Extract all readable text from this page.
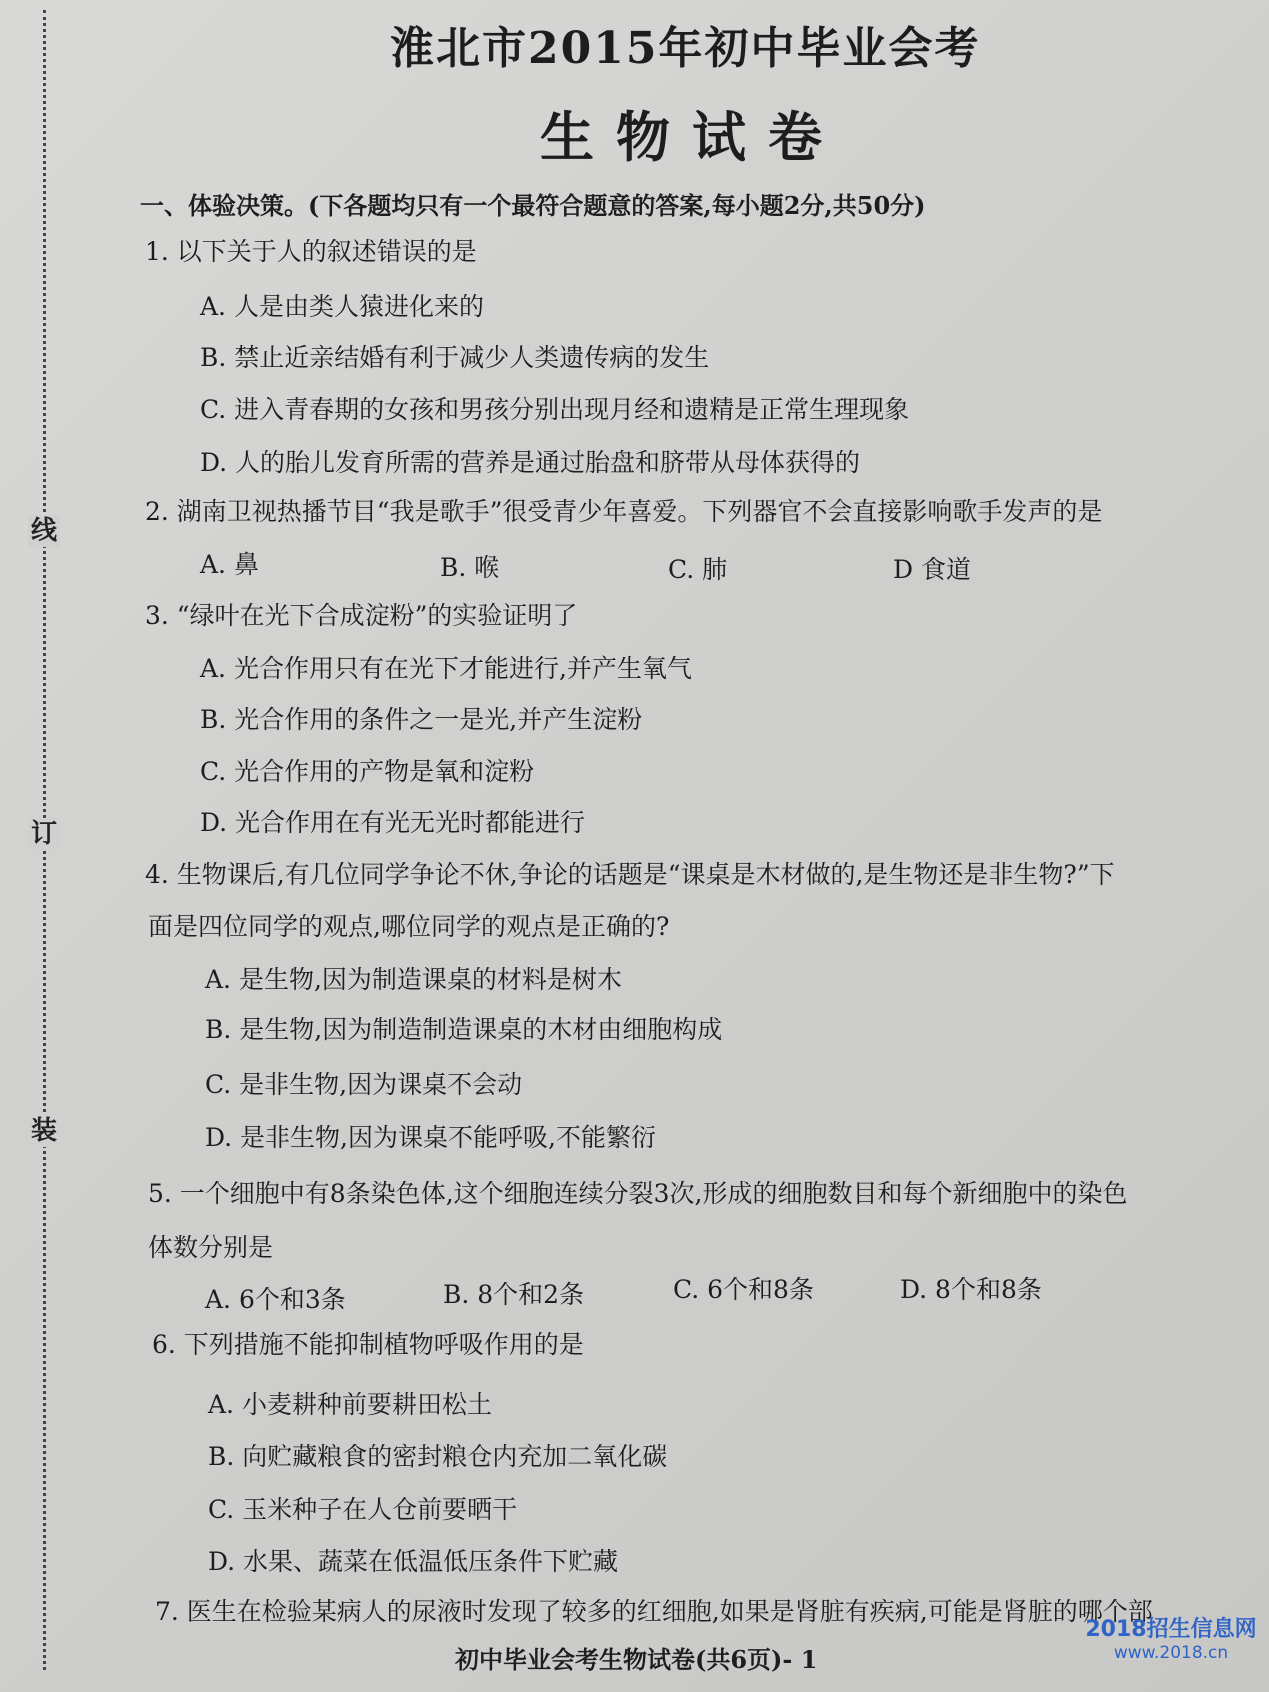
线
订
装
淮北市2015年初中毕业会考
生物试卷
一、体验决策。(下各题均只有一个最符合题意的答案,每小题2分,共50分)
1. 以下关于人的叙述错误的是
A. 人是由类人猿进化来的
B. 禁止近亲结婚有利于减少人类遗传病的发生
C. 进入青春期的女孩和男孩分别出现月经和遗精是正常生理现象
D. 人的胎儿发育所需的营养是通过胎盘和脐带从母体获得的
2. 湖南卫视热播节目“我是歌手”很受青少年喜爱。下列器官不会直接影响歌手发声的是
A. 鼻	B. 喉	C. 肺	D 食道
3. “绿叶在光下合成淀粉”的实验证明了
A. 光合作用只有在光下才能进行,并产生氧气
B. 光合作用的条件之一是光,并产生淀粉
C. 光合作用的产物是氧和淀粉
D. 光合作用在有光无光时都能进行
4. 生物课后,有几位同学争论不休,争论的话题是“课桌是木材做的,是生物还是非生物?”下
面是四位同学的观点,哪位同学的观点是正确的?
A. 是生物,因为制造课桌的材料是树木
B. 是生物,因为制造制造课桌的木材由细胞构成
C. 是非生物,因为课桌不会动
D. 是非生物,因为课桌不能呼吸,不能繁衍
5. 一个细胞中有8条染色体,这个细胞连续分裂3次,形成的细胞数目和每个新细胞中的染色
体数分别是
A. 6个和3条	B. 8个和2条	C. 6个和8条	D. 8个和8条
6. 下列措施不能抑制植物呼吸作用的是
A. 小麦耕种前要耕田松土
B. 向贮藏粮食的密封粮仓内充加二氧化碳
C. 玉米种子在人仓前要晒干
D. 水果、蔬菜在低温低压条件下贮藏
7. 医生在检验某病人的尿液时发现了较多的红细胞,如果是肾脏有疾病,可能是肾脏的哪个部
初中毕业会考生物试卷(共6页)- 1
2018招生信息网
www.2018.cn
